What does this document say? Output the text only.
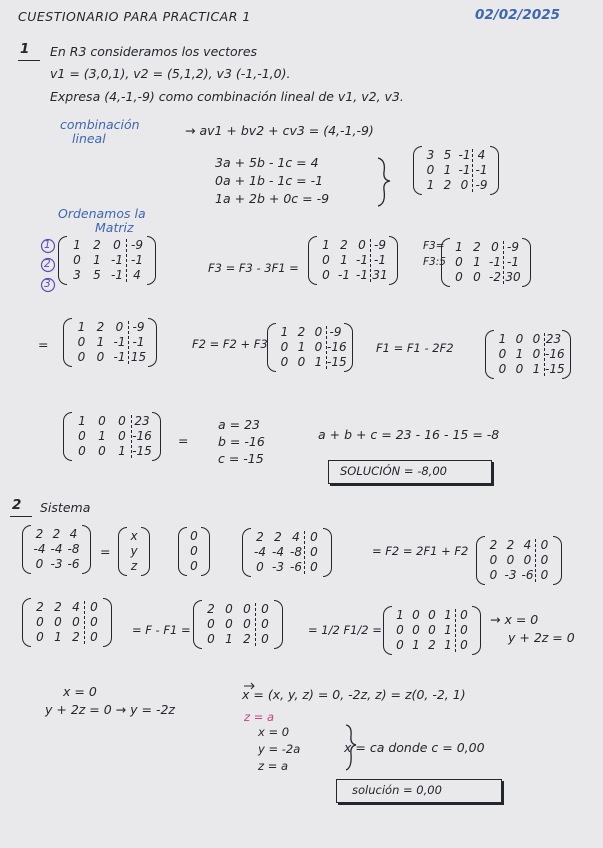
CUESTIONARIO PARA PRACTICAR 1	02/02/2025
1 En R3 consideramos los vectores
v1 = (3,0,1), v2 = (5,1,2), v3 (-1,-1,0).
Expresa (4,-1,-9) como combinación lineal de v1, v2, v3.
combinación
lineal
→ av1 + bv2 + cv3 = (4,-1,-9)
3a + 5b - 1c = 4
0a + 1b - 1c = -1
1a + 2b + 0c = -9
Ordenamos la
Matriz
1
2
3
F3 = F3 - 3F1 =
F3=
F3:5
=	F2 = F2 + F3	F1 = F1 - 2F2
=
a = 23
b = -16
c = -15
a + b + c = 23 - 16 - 15 = -8
SOLUCIÓN = -8,00
2 Sistema
=	= F2 = 2F1 + F2
= F - F1 =	= 1/2 F1/2 =
→ x = 0
y + 2z = 0
x = 0
y + 2z = 0 → y = -2z
x = (x, y, z) = 0, -2z, z) = z(0, -2, 1)
z = a
x = 0
y = -2a
z = a
x = ca donde c = 0,00
solución = 0,00
3 5 -1 4
0 1 -1 -1
1 2 0 -9
1	2	0 -9
0	1 -1 -1
3	5 -1 4
1 2 0 -9
0 1 -1 -1
0 -1 -1 31
1 2 0 -9
0 1 -1 -1
0 0 -2 30
1 2 0 -9
0 1 -1 -1
0 0 -1 15
1 2 0 -9
0 1 0 -16
0 0 1 -15
1 0 0 23
0 1 0 -16
0 0 1 -15
1	0	0 23
0	1	0 -16
0	0	1 -15
2 2 4
-4 -4 -8
0 -3 -6
x
y
z
0
0
0
2 2 4 0
-4 -4 -8 0
0 -3 -6 0
2 2 4 0
0 0 0 0
0 -3 -6 0
2 2 4 0
0 0 0 0
0 1 2 0
2 0 0 0
0 0 0 0
0 1 2 0
1 0 0 1 0
0 0 0 1 0
0 1 2 1 0
